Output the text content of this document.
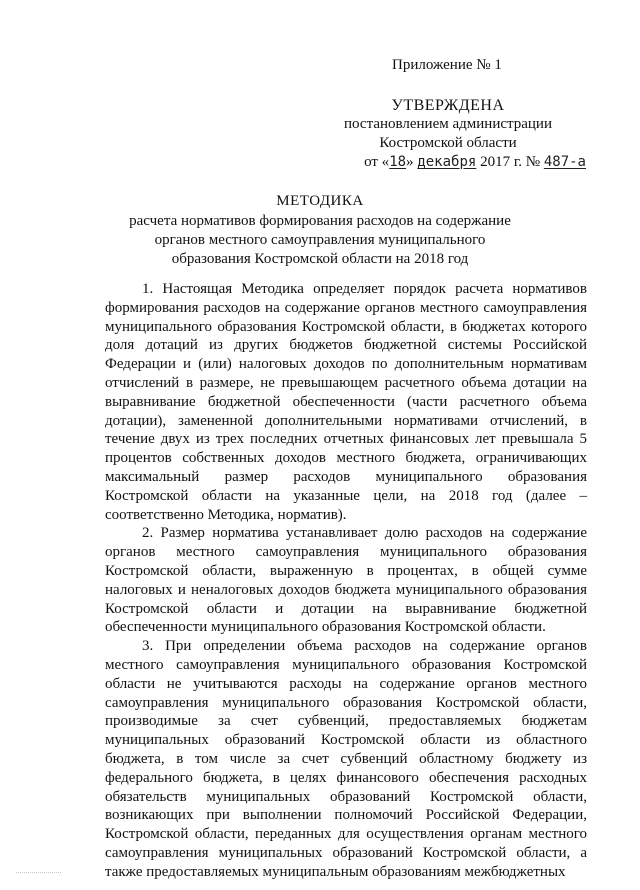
Приложение № 1
УТВЕРЖДЕНА
постановлением администрации
Костромской области
от «18» декабря 2017 г. № 487-а
МЕТОДИКА
расчета нормативов формирования расходов на содержание
органов местного самоуправления муниципального
образования Костромской области на 2018 год

1. Настоящая Методика определяет порядок расчета нормативов формирования расходов на содержание органов местного самоуправления муниципального образования Костромской области, в бюджетах которого доля дотаций из других бюджетов бюджетной системы Российской Федерации и (или) налоговых доходов по дополнительным нормативам отчислений в размере, не превышающем расчетного объема дотации на выравнивание бюджетной обеспеченности (части расчетного объема дотации), замененной дополнительными нормативами отчислений, в течение двух из трех последних отчетных финансовых лет превышала 5 процентов собственных доходов местного бюджета, ограничивающих максимальный размер расходов муниципального образования Костромской области на указанные цели, на 2018 год (далее – соответственно Методика, норматив).

2. Размер норматива устанавливает долю расходов на содержание органов местного самоуправления муниципального образования Костромской области, выраженную в процентах, в общей сумме налоговых и неналоговых доходов бюджета муниципального образования Костромской области и дотации на выравнивание бюджетной обеспеченности муниципального образования Костромской области.

3. При определении объема расходов на содержание органов местного самоуправления муниципального образования Костромской области не учитываются расходы на содержание органов местного самоуправления муниципального образования Костромской области, производимые за счет субвенций, предоставляемых бюджетам муниципальных образований Костромской области из областного бюджета, в том числе за счет субвенций областному бюджету из федерального бюджета, в целях финансового обеспечения расходных обязательств муниципальных образований Костромской области, возникающих при выполнении полномочий Российской Федерации, Костромской области, переданных для осуществления органам местного самоуправления муниципальных образований Костромской области, а также предоставляемых муниципальным образованиям межбюджетных
